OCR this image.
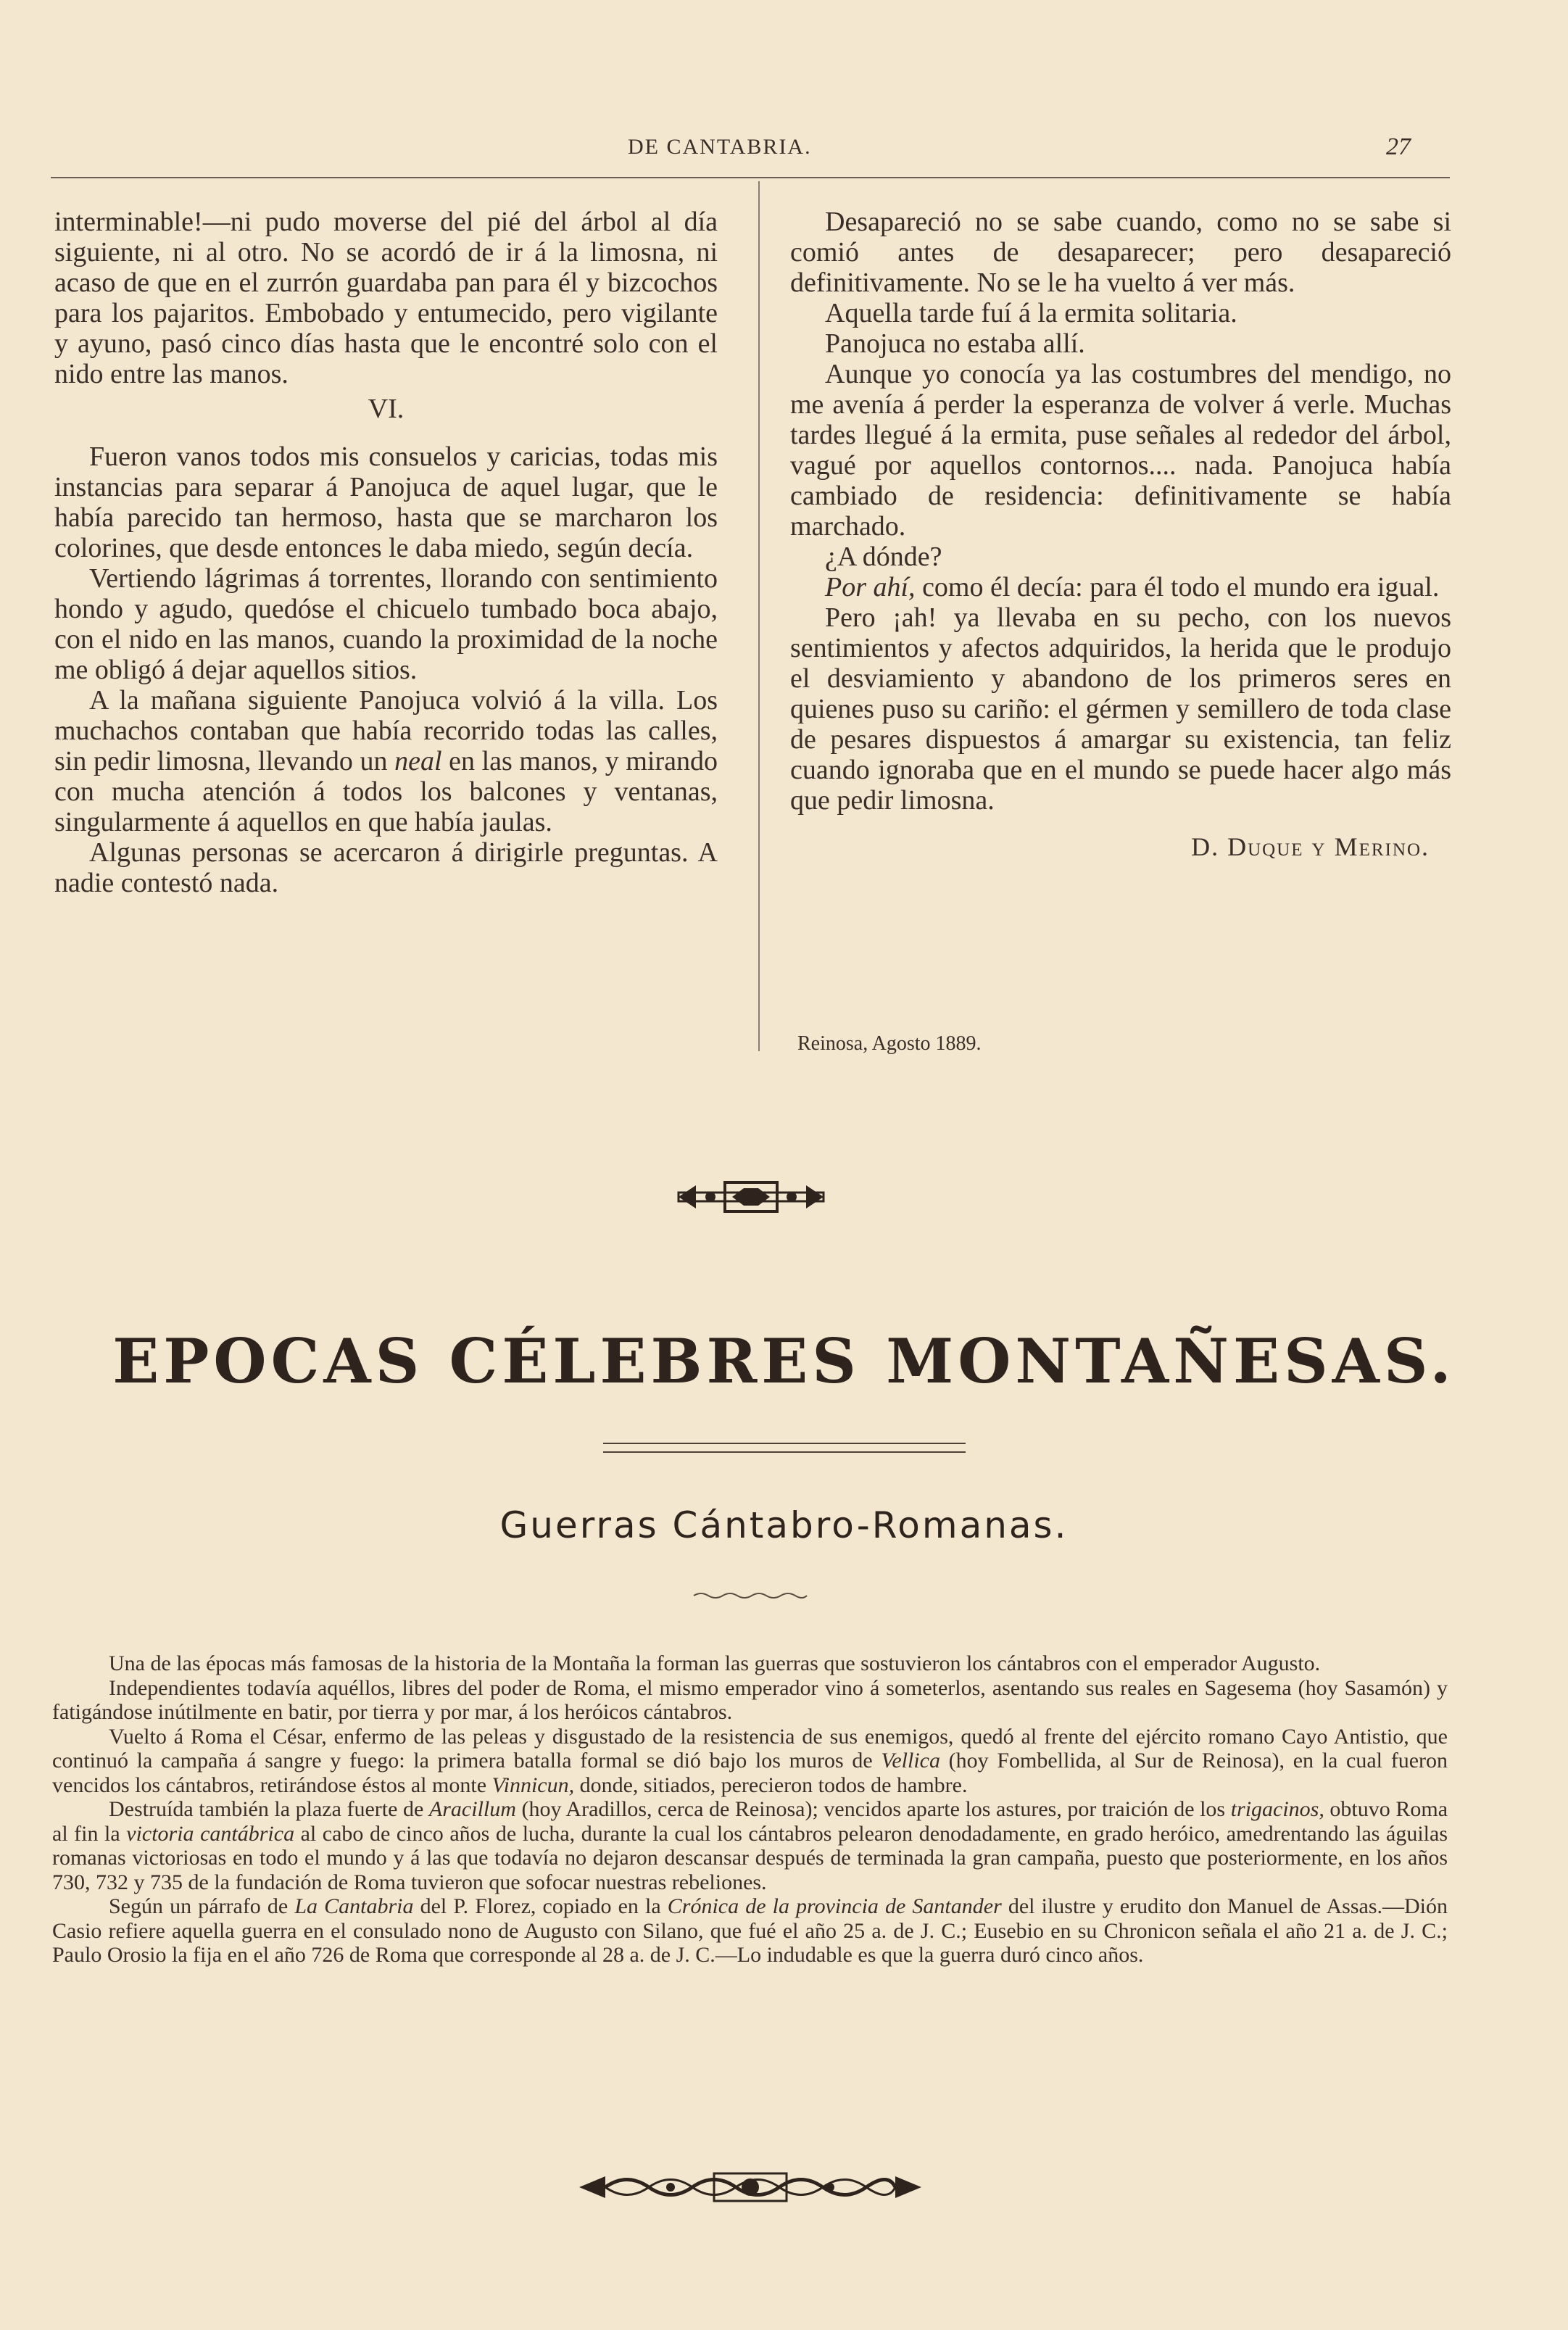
DE CANTABRIA.	27

interminable!—ni pudo moverse del pié del árbol al día siguiente, ni al otro. No se acordó de ir á la limosna, ni acaso de que en el zurrón guardaba pan para él y bizcochos para los pajaritos. Embobado y entumecido, pero vigilante y ayuno, pasó cinco días hasta que le encontré solo con el nido entre las manos.

VI.

Fueron vanos todos mis consuelos y caricias, todas mis instancias para separar á Panojuca de aquel lugar, que le había parecido tan hermoso, hasta que se marcharon los colorines, que desde entonces le daba miedo, según decía.

Vertiendo lágrimas á torrentes, llorando con sentimiento hondo y agudo, quedóse el chicuelo tumbado boca abajo, con el nido en las manos, cuando la proximidad de la noche me obligó á dejar aquellos sitios.

A la mañana siguiente Panojuca volvió á la villa. Los muchachos contaban que había recorrido todas las calles, sin pedir limosna, llevando un neal en las manos, y mirando con mucha atención á todos los balcones y ventanas, singularmente á aquellos en que había jaulas.

Algunas personas se acercaron á dirigirle preguntas. A nadie contestó nada.

Desapareció no se sabe cuando, como no se sabe si comió antes de desaparecer; pero desapareció definitivamente. No se le ha vuelto á ver más.

Aquella tarde fuí á la ermita solitaria.

Panojuca no estaba allí.

Aunque yo conocía ya las costumbres del mendigo, no me avenía á perder la esperanza de volver á verle. Muchas tardes llegué á la ermita, puse señales al rededor del árbol, vagué por aquellos contornos.... nada. Panojuca había cambiado de residencia: definitivamente se había marchado.

¿A dónde?

Por ahí, como él decía: para él todo el mundo era igual.

Pero ¡ah! ya llevaba en su pecho, con los nuevos sentimientos y afectos adquiridos, la herida que le produjo el desviamiento y abandono de los primeros seres en quienes puso su cariño: el gérmen y semillero de toda clase de pesares dispuestos á amargar su existencia, tan feliz cuando ignoraba que en el mundo se puede hacer algo más que pedir limosna.

D. Duque y Merino.
Reinosa, Agosto 1889.
EPOCAS CÉLEBRES MONTAÑESAS.
Guerras Cántabro-Romanas.

Una de las épocas más famosas de la historia de la Montaña la forman las guerras que sostuvieron los cántabros con el emperador Augusto.

Independientes todavía aquéllos, libres del poder de Roma, el mismo emperador vino á someterlos, asentando sus reales en Sagesema (hoy Sasamón) y fatigándose inútilmente en batir, por tierra y por mar, á los heróicos cántabros.

Vuelto á Roma el César, enfermo de las peleas y disgustado de la resistencia de sus enemigos, quedó al frente del ejército romano Cayo Antistio, que continuó la campaña á sangre y fuego: la primera batalla formal se dió bajo los muros de Vellica (hoy Fombellida, al Sur de Reinosa), en la cual fueron vencidos los cántabros, retirándose éstos al monte Vinnicun, donde, sitiados, perecieron todos de hambre.

Destruída también la plaza fuerte de Aracillum (hoy Aradillos, cerca de Reinosa); vencidos aparte los astures, por traición de los trigacinos, obtuvo Roma al fin la victoria cantábrica al cabo de cinco años de lucha, durante la cual los cántabros pelearon denodadamente, en grado heróico, amedrentando las águilas romanas victoriosas en todo el mundo y á las que todavía no dejaron descansar después de terminada la gran campaña, puesto que posteriormente, en los años 730, 732 y 735 de la fundación de Roma tuvieron que sofocar nuestras rebeliones.

Según un párrafo de La Cantabria del P. Florez, copiado en la Crónica de la provincia de Santander del ilustre y erudito don Manuel de Assas.—Dión Casio refiere aquella guerra en el consulado nono de Augusto con Silano, que fué el año 25 a. de J. C.; Eusebio en su Chronicon señala el año 21 a. de J. C.; Paulo Orosio la fija en el año 726 de Roma que corresponde al 28 a. de J. C.—Lo indudable es que la guerra duró cinco años.
